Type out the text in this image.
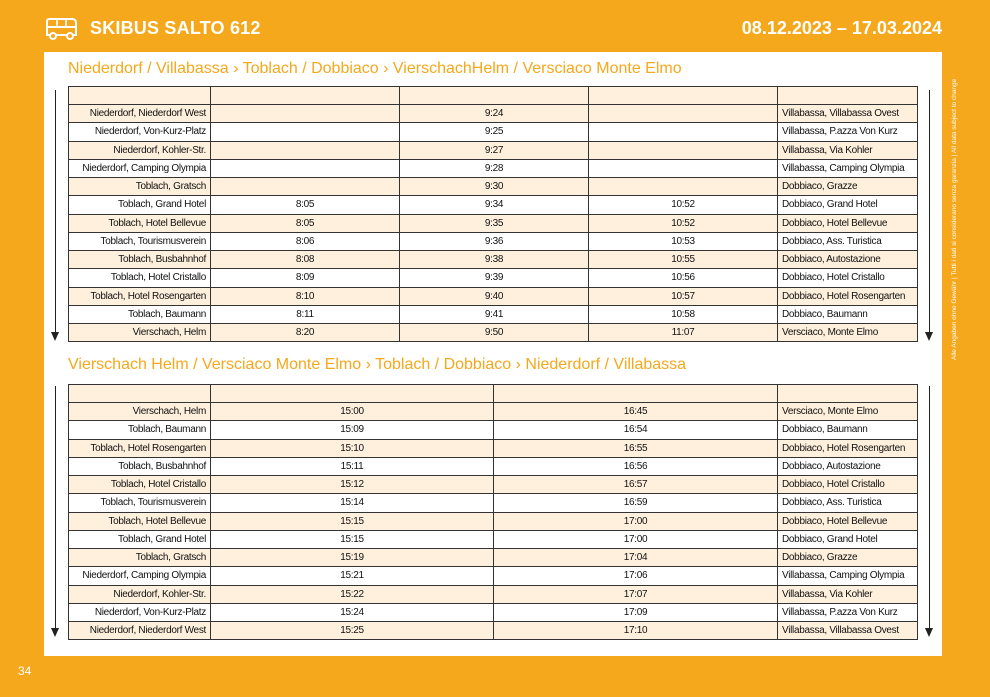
SKIBUS SALTO 612	08.12.2023 – 17.03.2024
Niederdorf / Villabassa › Toblach / Dobbiaco › VierschachHelm / Versciaco Monte Elmo

Niederdorf, Niederdorf West		9:24		Villabassa, Villabassa Ovest
Niederdorf, Von-Kurz-Platz		9:25		Villabassa, P.azza Von Kurz
Niederdorf, Kohler-Str.		9:27		Villabassa, Via Kohler
Niederdorf, Camping Olympia		9:28		Villabassa, Camping Olympia
Toblach, Gratsch		9:30		Dobbiaco, Grazze
Toblach, Grand Hotel	8:05	9:34	10:52	Dobbiaco, Grand Hotel
Toblach, Hotel Bellevue	8:05	9:35	10:52	Dobbiaco, Hotel Bellevue
Toblach, Tourismusverein	8:06	9:36	10:53	Dobbiaco, Ass. Turistica
Toblach, Busbahnhof	8:08	9:38	10:55	Dobbiaco, Autostazione
Toblach, Hotel Cristallo	8:09	9:39	10:56	Dobbiaco, Hotel Cristallo
Toblach, Hotel Rosengarten	8:10	9:40	10:57	Dobbiaco, Hotel Rosengarten
Toblach, Baumann	8:11	9:41	10:58	Dobbiaco, Baumann
Vierschach, Helm	8:20	9:50	11:07	Versciaco, Monte Elmo
Vierschach Helm / Versciaco Monte Elmo › Toblach / Dobbiaco › Niederdorf / Villabassa

Vierschach, Helm	15:00	16:45	Versciaco, Monte Elmo
Toblach, Baumann	15:09	16:54	Dobbiaco, Baumann
Toblach, Hotel Rosengarten	15:10	16:55	Dobbiaco, Hotel Rosengarten
Toblach, Busbahnhof	15:11	16:56	Dobbiaco, Autostazione
Toblach, Hotel Cristallo	15:12	16:57	Dobbiaco, Hotel Cristallo
Toblach, Tourismusverein	15:14	16:59	Dobbiaco, Ass. Turistica
Toblach, Hotel Bellevue	15:15	17:00	Dobbiaco, Hotel Bellevue
Toblach, Grand Hotel	15:15	17:00	Dobbiaco, Grand Hotel
Toblach, Gratsch	15:19	17:04	Dobbiaco, Grazze
Niederdorf, Camping Olympia	15:21	17:06	Villabassa, Camping Olympia
Niederdorf, Kohler-Str.	15:22	17:07	Villabassa, Via Kohler
Niederdorf, Von-Kurz-Platz	15:24	17:09	Villabassa, P.azza Von Kurz
Niederdorf, Niederdorf West	15:25	17:10	Villabassa, Villabassa Ovest
Alle Angaben ohne Gewähr | Tutti i dati si considerano senza garanzia | All data subject to change
34
